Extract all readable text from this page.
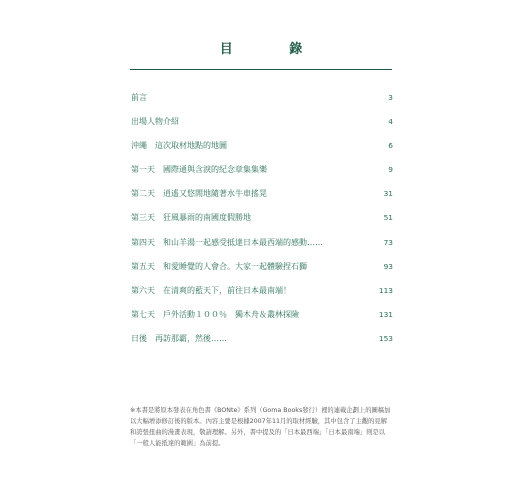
目 錄
前言	3
出場人物介紹	4
沖繩　這次取材地點的地圖	6
第一天　國際通與含淚的紀念章集集樂	9
第二天　逍遙又悠閒地隨著水牛車搖晃	31
第三天　狂風暴雨的南國度假勝地	51
第四天　和山羊湯一起感受抵達日本最西端的感動……	73
第五天　和愛睡覺的人會合。大家一起體驗捏石獅	93
第六天　在清爽的藍天下，前往日本最南端！	113
第七天　戶外活動１００％　獨木舟＆叢林探險	131
日後　再訪那霸，然後……	153
※本書是將原本發表在角色書《BONte》系列（Goma Books發行）裡的連載企劃上的圖稿加以大幅增添修訂後的版本。內容主要是根據2007年11月的取材經驗，其中包含了主觀的見解和誇張扭曲的漫畫表現，敬請理解。另外，書中提及的「日本最西端」「日本最南端」則是以「一般人能抵達的範圍」為前提。
